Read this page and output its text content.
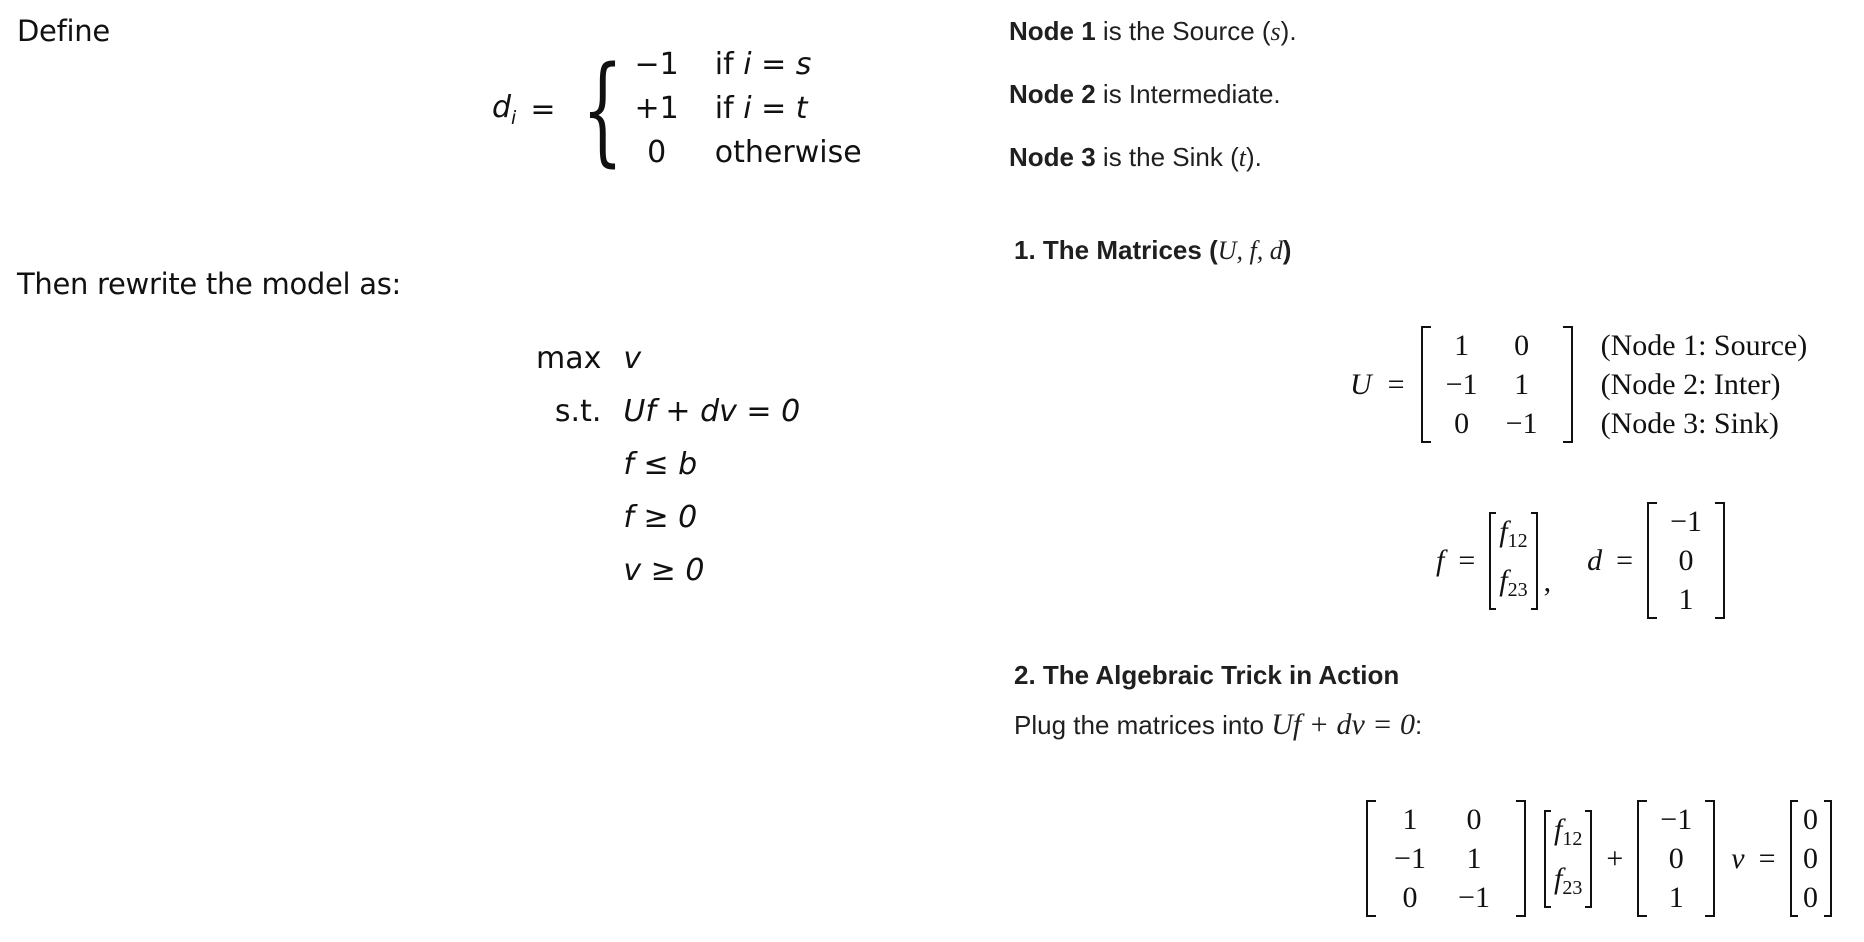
Define
$d_i$ = { −1 if i = s
+1 if i = t
0	otherwise
Then rewrite the model as:
max v
s.t. Uf + dv = 0
f ≤ b
f ≥ 0
v ≥ 0
Node 1 is the Source (s).
Node 2 is Intermediate.
Node 3 is the Sink (t).
1. The Matrices (U, f, d)
U =
1	0
−1	1
0	−1
(Node 1: Source)
(Node 2: Inter)
(Node 3: Sink)
f =
$f_{12}$
$f_{23}$ ,
d =
−1
0
1
2. The Algebraic Trick in Action
Plug the matrices into Uf + dv = 0:
1	0
−1	1
0	−1
$f_{12}$
$f_{23}$
+
−1
0
1
v =
0
0
0
